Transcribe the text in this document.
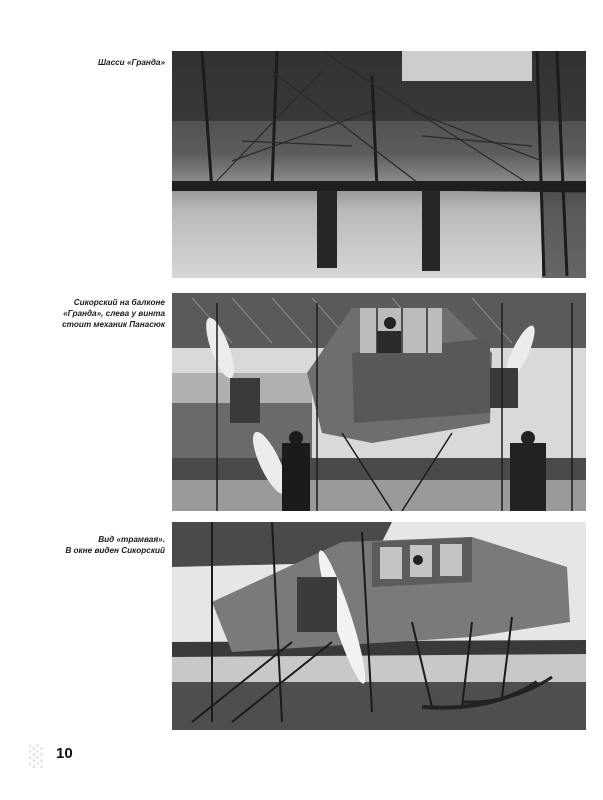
Шасси «Гранда»
Сикорский на балконе
«Гранда», слева у винта
стоит механик Панасюк
Вид «трамвая».
В окне виден Сикорский
░ 10
